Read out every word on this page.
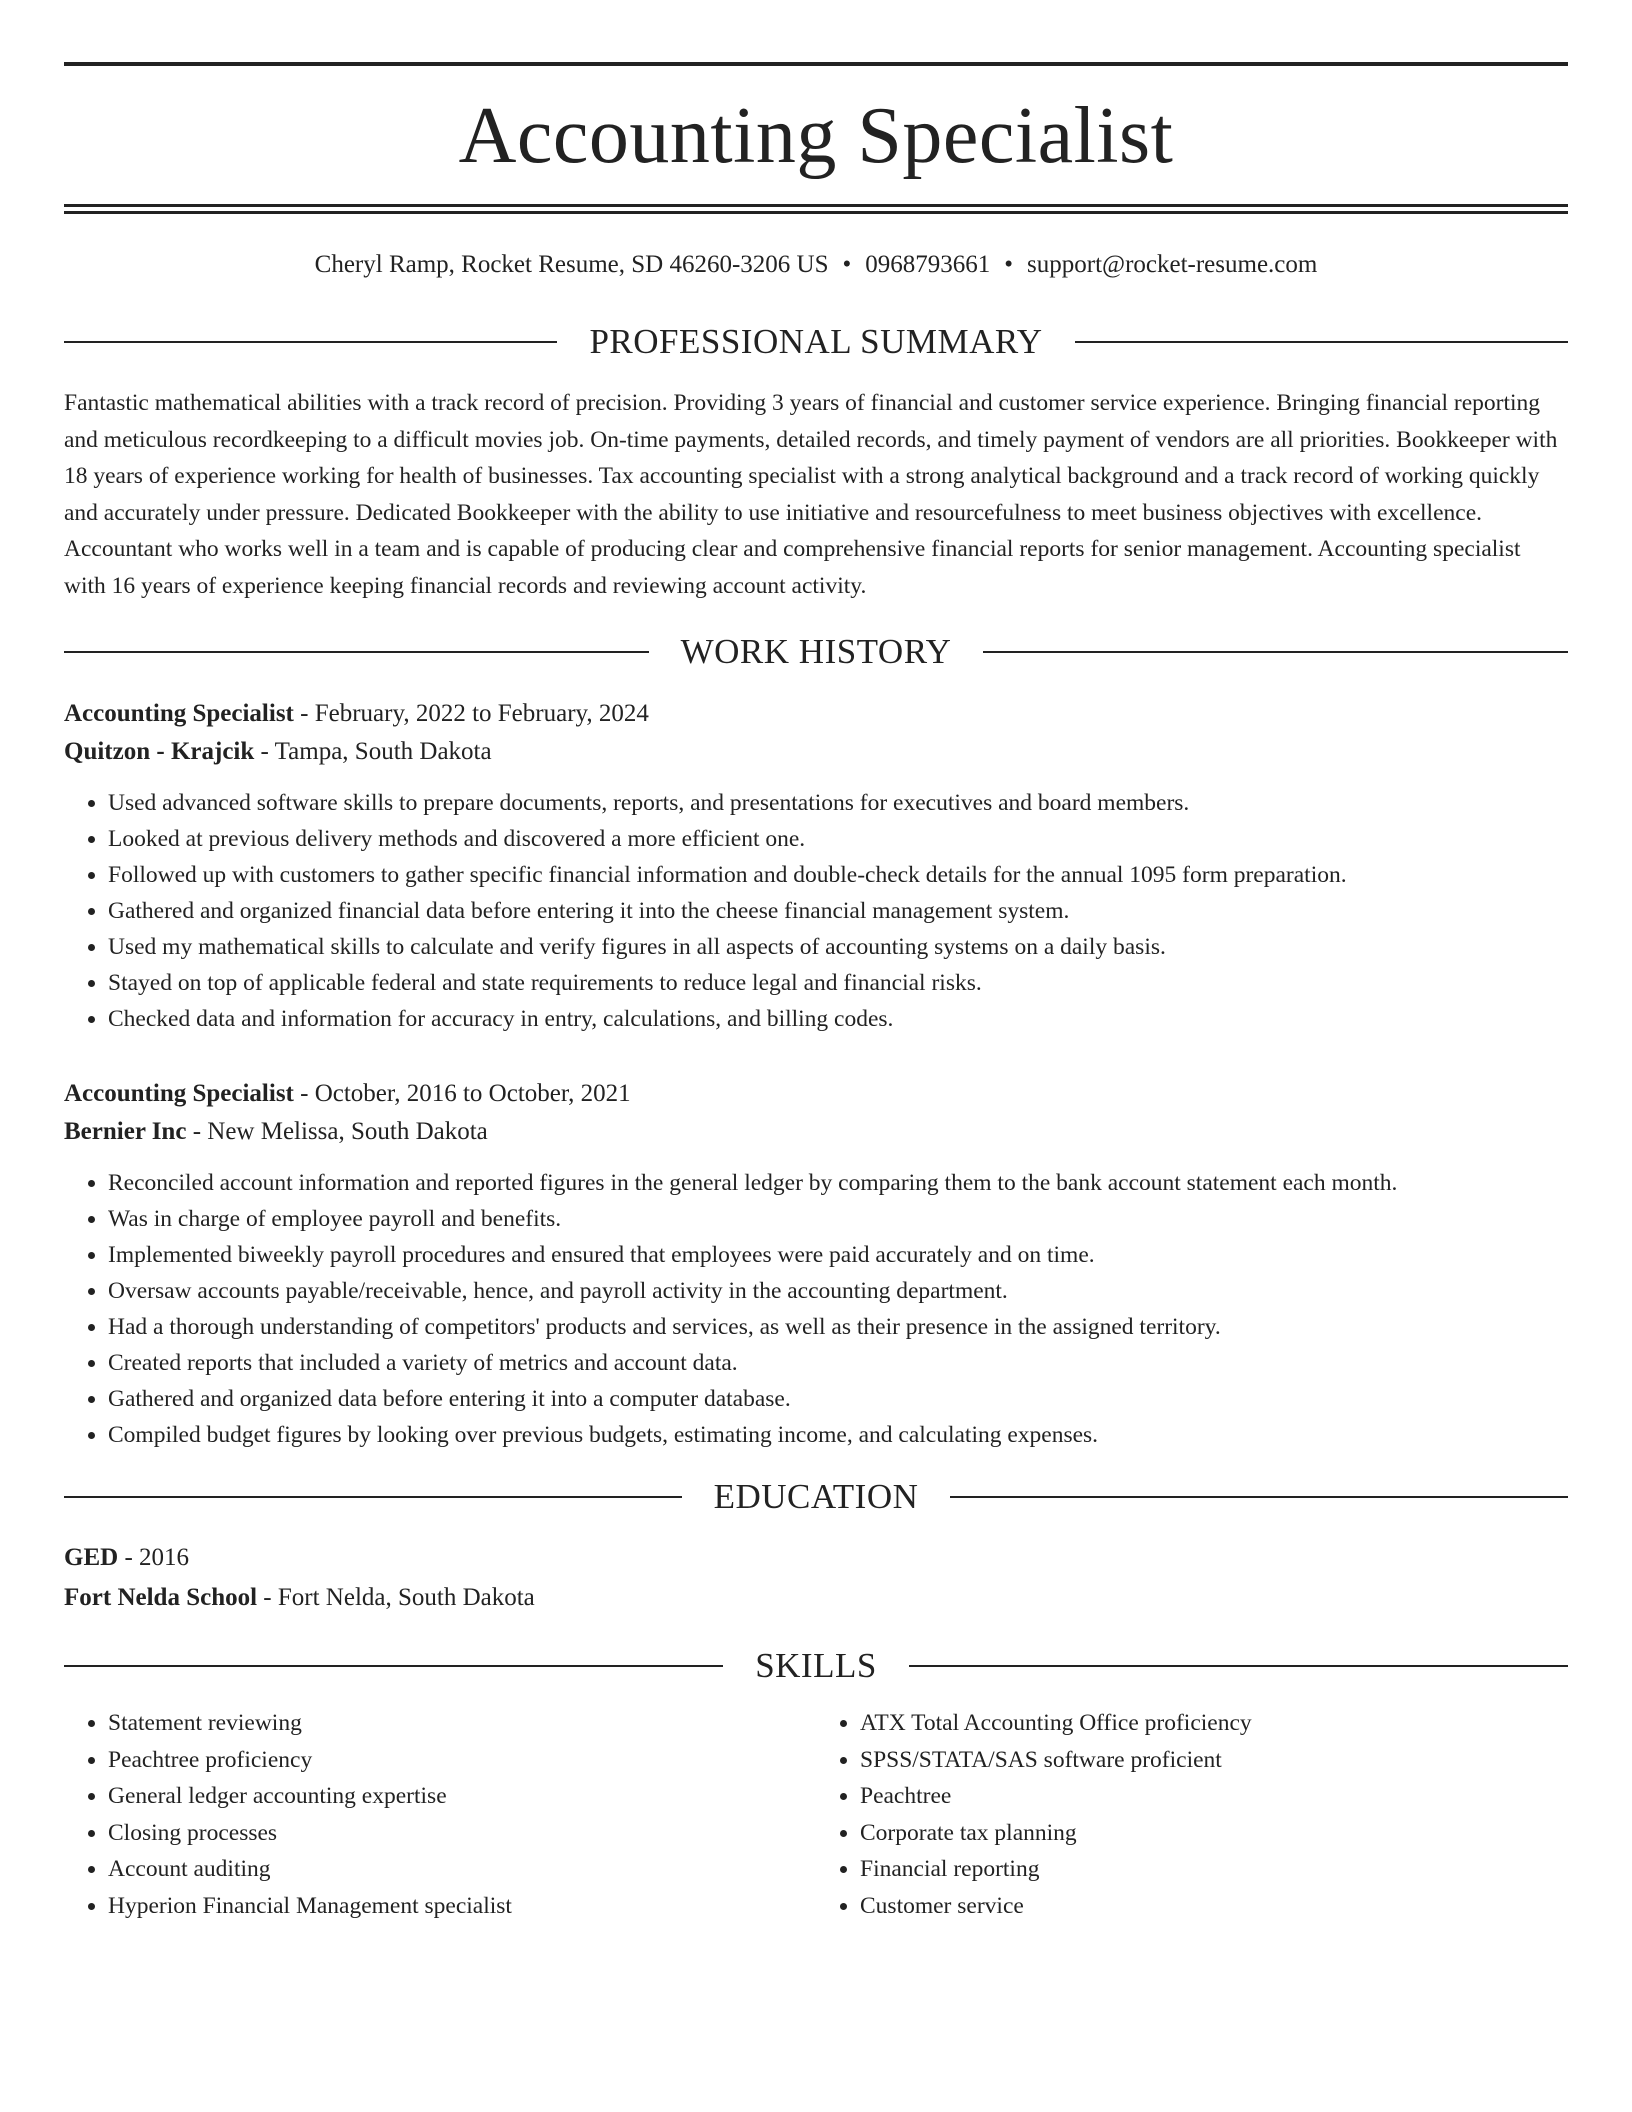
Accounting Specialist
Cheryl Ramp, Rocket Resume, SD 46260-3206 US • 0968793661 • support@rocket-resume.com
PROFESSIONAL SUMMARY

Fantastic mathematical abilities with a track record of precision. Providing 3 years of financial and customer service experience. Bringing financial reporting and meticulous recordkeeping to a difficult movies job. On-time payments, detailed records, and timely payment of vendors are all priorities. Bookkeeper with 18 years of experience working for health of businesses. Tax accounting specialist with a strong analytical background and a track record of working quickly and accurately under pressure. Dedicated Bookkeeper with the ability to use initiative and resourcefulness to meet business objectives with excellence. Accountant who works well in a team and is capable of producing clear and comprehensive financial reports for senior management. Accounting specialist with 16 years of experience keeping financial records and reviewing account activity.

WORK HISTORY
Accounting Specialist - February, 2022 to February, 2024
Quitzon - Krajcik - Tampa, South Dakota
• Used advanced software skills to prepare documents, reports, and presentations for executives and board members.
• Looked at previous delivery methods and discovered a more efficient one.
• Followed up with customers to gather specific financial information and double-check details for the annual 1095 form preparation.
• Gathered and organized financial data before entering it into the cheese financial management system.
• Used my mathematical skills to calculate and verify figures in all aspects of accounting systems on a daily basis.
• Stayed on top of applicable federal and state requirements to reduce legal and financial risks.
• Checked data and information for accuracy in entry, calculations, and billing codes.
Accounting Specialist - October, 2016 to October, 2021
Bernier Inc - New Melissa, South Dakota
• Reconciled account information and reported figures in the general ledger by comparing them to the bank account statement each month.
• Was in charge of employee payroll and benefits.
• Implemented biweekly payroll procedures and ensured that employees were paid accurately and on time.
• Oversaw accounts payable/receivable, hence, and payroll activity in the accounting department.
• Had a thorough understanding of competitors' products and services, as well as their presence in the assigned territory.
• Created reports that included a variety of metrics and account data.
• Gathered and organized data before entering it into a computer database.
• Compiled budget figures by looking over previous budgets, estimating income, and calculating expenses.
EDUCATION
GED - 2016
Fort Nelda School - Fort Nelda, South Dakota
SKILLS
• Statement reviewing
• Peachtree proficiency
• General ledger accounting expertise
• Closing processes
• Account auditing
• Hyperion Financial Management specialist
• ATX Total Accounting Office proficiency
• SPSS/STATA/SAS software proficient
• Peachtree
• Corporate tax planning
• Financial reporting
• Customer service
